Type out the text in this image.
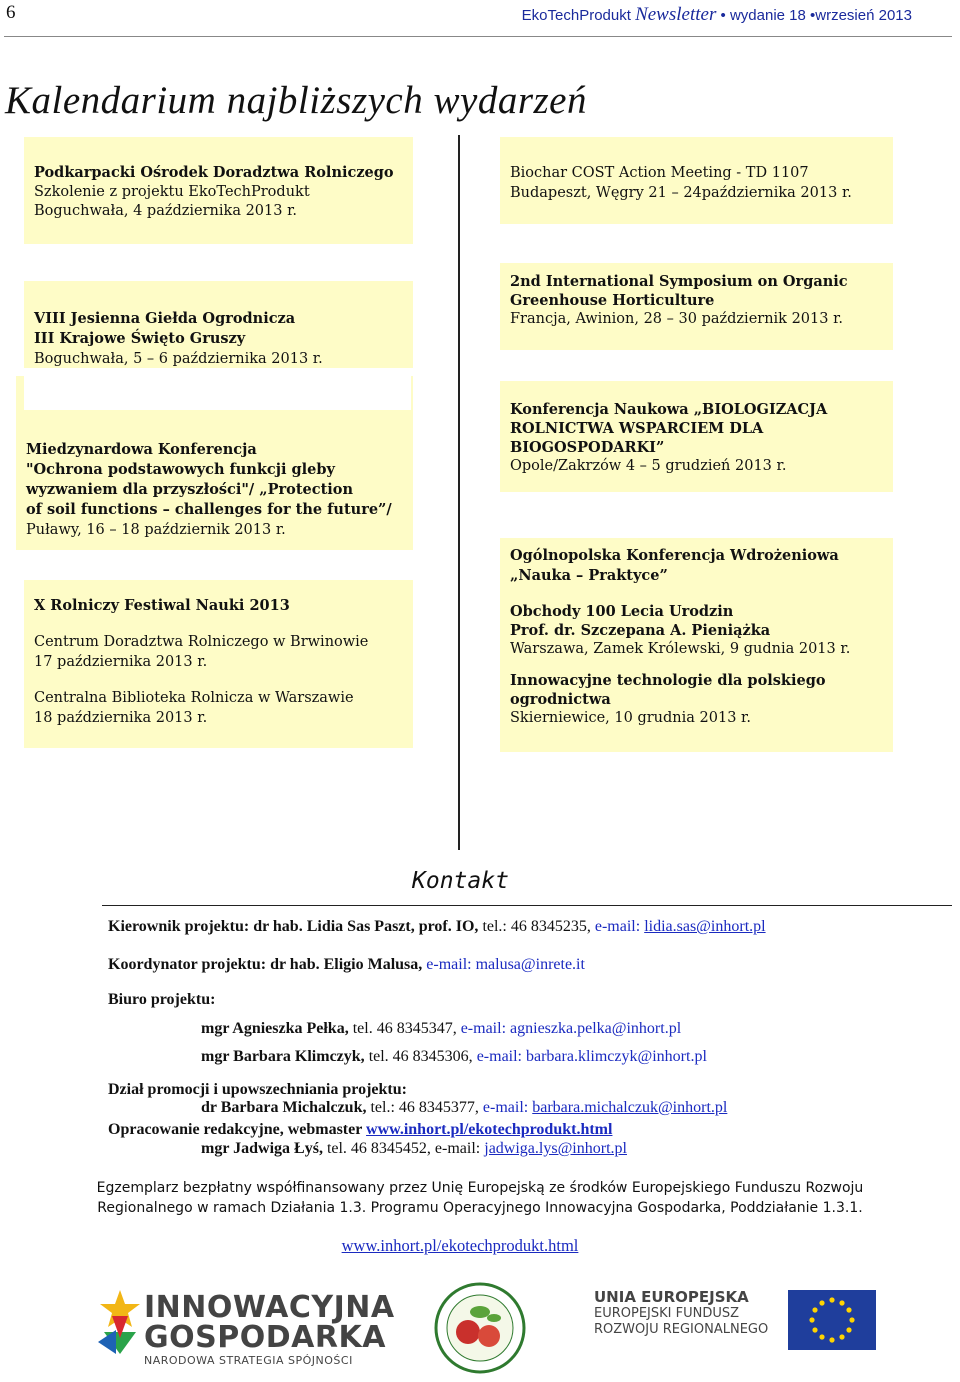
6	EkoTechProdukt Newsletter • wydanie 18 •wrzesień 2013
Kalendarium najbliższych wydarzeń
Podkarpacki Ośrodek Doradztwa Rolniczego
Szkolenie z projektu EkoTechProdukt
Boguchwała, 4 października 2013 r.
Biochar COST Action Meeting - TD 1107
Budapeszt, Węgry 21 – 24października 2013 r.
VIII Jesienna Giełda Ogrodnicza
III Krajowe Święto Gruszy
Boguchwała, 5 – 6 października 2013 r.
2nd International Symposium on Organic
Greenhouse Horticulture
Francja, Awinion, 28 – 30 październik 2013 r.
Miedzynardowa Konferencja
"Ochrona podstawowych funkcji gleby
wyzwaniem dla przyszłości"/ „Protection
of soil functions – challenges for the future”/
Puławy, 16 – 18 październik 2013 r.
Konferencja Naukowa „BIOLOGIZACJA
ROLNICTWA WSPARCIEM DLA
BIOGOSPODARKI”
Opole/Zakrzów 4 – 5 grudzień 2013 r.
X Rolniczy Festiwal Nauki 2013
Centrum Doradztwa Rolniczego w Brwinowie
17 października 2013 r.
Centralna Biblioteka Rolnicza w Warszawie
18 października 2013 r.
Ogólnopolska Konferencja Wdrożeniowa
„Nauka – Praktyce”
Obchody 100 Lecia Urodzin
Prof. dr. Szczepana A. Pieniążka
Warszawa, Zamek Królewski, 9 gudnia 2013 r.
Innowacyjne technologie dla polskiego
ogrodnictwa
Skierniewice, 10 grudnia 2013 r.
Kontakt
Kierownik projektu: dr hab. Lidia Sas Paszt, prof. IO, tel.: 46 8345235, e-mail: lidia.sas@inhort.pl
Koordynator projektu: dr hab. Eligio Malusa, e-mail: malusa@inrete.it
Biuro projektu:
mgr Agnieszka Pełka, tel. 46 8345347, e-mail: agnieszka.pelka@inhort.pl
mgr Barbara Klimczyk, tel. 46 8345306, e-mail: barbara.klimczyk@inhort.pl
Dział promocji i upowszechniania projektu:
dr Barbara Michalczuk, tel.: 46 8345377, e-mail: barbara.michalczuk@inhort.pl
Opracowanie redakcyjne, webmaster www.inhort.pl/ekotechprodukt.html
mgr Jadwiga Łyś, tel. 46 8345452, e-mail: jadwiga.lys@inhort.pl
Egzemplarz bezpłatny współfinansowany przez Unię Europejską ze środków Europejskiego Funduszu Rozwoju
Regionalnego w ramach Działania 1.3. Programu Operacyjnego Innowacyjna Gospodarka, Poddziałanie 1.3.1.
www.inhort.pl/ekotechprodukt.html
INNOWACYJNA
GOSPODARKA
NARODOWA STRATEGIA SPÓJNOŚCI
UNIA EUROPEJSKA
EUROPEJSKI FUNDUSZ
ROZWOJU REGIONALNEGO
